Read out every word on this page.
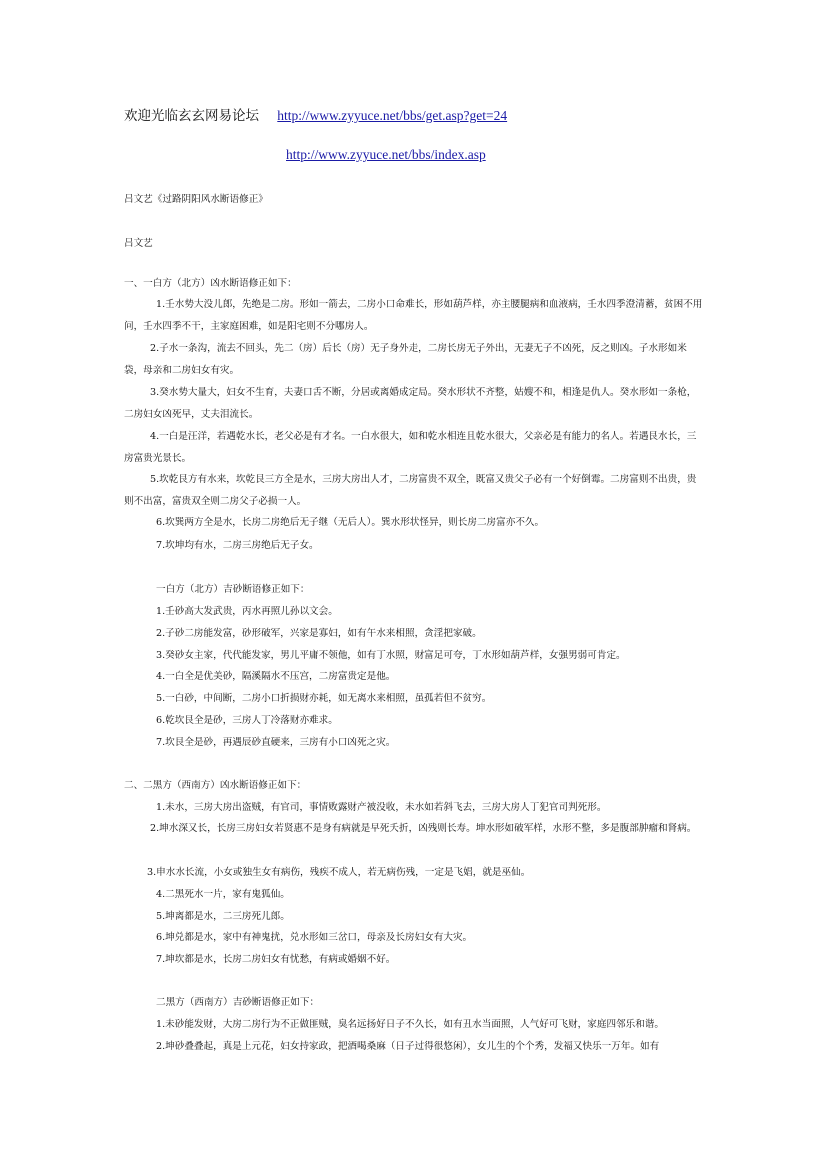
欢迎光临玄玄网易论坛 http://www.zyyuce.net/bbs/get.asp?get=24
http://www.zyyuce.net/bbs/index.asp
吕文艺《过路阴阳风水断语修正》
吕文艺
一、一白方（北方）凶水断语修正如下：
1.壬水势大没儿郎，先绝是二房。形如一箭去，二房小口命难长，形如葫芦样，亦主腰腿病和血液病，壬水四季澄清蓄，贫困不用问，壬水四季不干，主家庭困难，如是阳宅则不分哪房人。
2.子水一条沟，流去不回头，先二（房）后长（房）无子身外走，二房长房无子外出，无妻无子不凶死，反之则凶。子水形如米袋，母亲和二房妇女有灾。
3.癸水势大量大，妇女不生育，夫妻口舌不断，分居或离婚成定局。癸水形状不齐整，姑嫂不和，相逢是仇人。癸水形如一条枪，二房妇女凶死早，丈夫泪流长。
4.一白是汪洋，若遇乾水长，老父必是有才名。一白水很大，如和乾水相连且乾水很大，父亲必是有能力的名人。若遇艮水长，三房富贵光景长。
5.坎乾艮方有水来，坎乾艮三方全是水，三房大房出人才，二房富贵不双全，既富又贵父子必有一个好倒霉。二房富则不出贵，贵则不出富，富贵双全则二房父子必损一人。
6.坎巽两方全是水，长房二房绝后无子继（无后人）。巽水形状怪异，则长房二房富亦不久。
7.坎坤均有水，二房三房绝后无子女。
一白方（北方）吉砂断语修正如下：
1.壬砂高大发武贵，丙水再照儿孙以文会。
2.子砂二房能发富，砂形破军，兴家是寡妇，如有午水来相照，贪淫把家破。
3.癸砂女主家，代代能发家，男儿平庸不领他，如有丁水照，财富足可夸，丁水形如葫芦样，女强男弱可肯定。
4.一白全是优美砂，隔溪隔水不压宫，二房富贵定是他。
5.一白砂，中间断，二房小口折损财亦耗，如无离水来相照，虽孤若但不贫穷。
6.乾坎艮全是砂，三房人丁冷落财亦难求。
7.坎艮全是砂，再遇辰砂直硬来，三房有小口凶死之灾。
二、二黑方（西南方）凶水断语修正如下：
1.未水，三房大房出盗贼，有官司，事情败露财产被没收，未水如若斜飞去，三房大房人丁犯官司判死形。
2.坤水深又长，长房三房妇女若贤惠不是身有病就是早死夭折，凶残则长寿。坤水形如破军样，水形不整，多是腹部肿瘤和肾病。
3.申水水长流，小女或独生女有病伤，残疾不成人，若无病伤残，一定是飞娼，就是巫仙。
4.二黑死水一片，家有鬼狐仙。
5.坤离都是水，二三房死儿郎。
6.坤兑都是水，家中有神鬼扰，兑水形如三岔口，母亲及长房妇女有大灾。
7.坤坎都是水，长房二房妇女有忧愁，有病或婚姻不好。
二黑方（西南方）吉砂断语修正如下：
1.未砂能发财，大房二房行为不正做匪贼，臭名远扬好日子不久长，如有丑水当面照，人气好可飞财，家庭四邻乐和谐。
2.坤砂叠叠起，真是上元花，妇女持家政，把酒喝桑麻（日子过得很悠闲），女儿生的个个秀，发福又快乐一万年。如有
